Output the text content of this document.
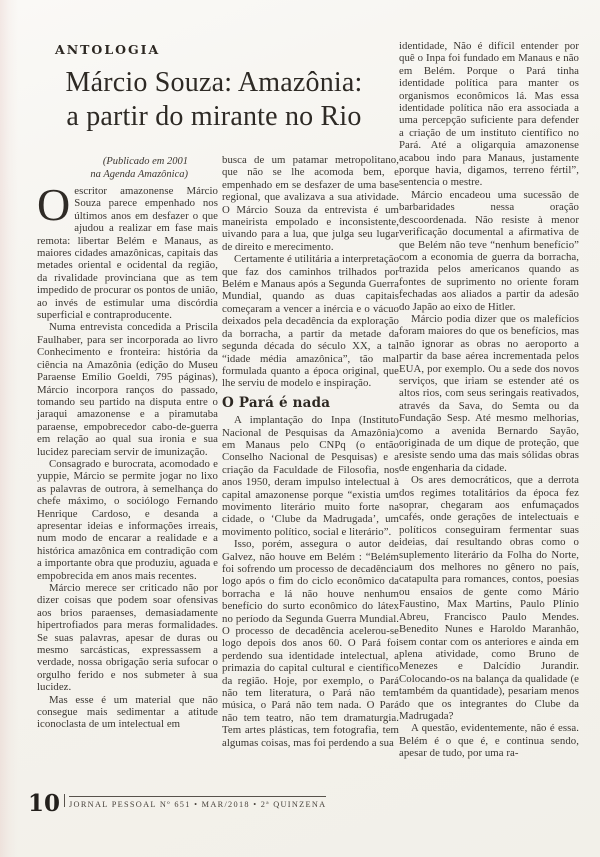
ANTOLOGIA
Márcio Souza: Amazônia:
a partir do mirante no Rio
(Publicado em 2001
na Agenda Amazônica)

Oescritor amazonense Márcio Souza parece empenhado nos últimos anos em desfazer o que ajudou a realizar em fase mais remota: libertar Belém e Manaus, as maiores cidades amazônicas, capitais das metades oriental e ocidental da região, da rivalidade provinciana que as tem impedido de procurar os pontos de união, ao invés de estimular uma discórdia superficial e contraproducente.

Numa entrevista concedida a Priscila Faulhaber, para ser incorporada ao livro Conhecimento e fronteira: história da ciência na Amazônia (edição do Museu Paraense Emílio Goeldi, 795 páginas), Márcio incorpora ranços do passado, tomando seu partido na disputa entre o jaraqui amazonense e a piramutaba paraense, empobrecedor cabo-de-guerra em relação ao qual sua ironia e sua lucidez pareciam servir de imunização.

Consagrado e burocrata, acomodado e yuppie, Márcio se permite jogar no lixo as palavras de outrora, à semelhança do chefe máximo, o sociólogo Fernando Henrique Cardoso, e desanda a apresentar ideias e informações irreais, num modo de encarar a realidade e a histórica amazônica em contradição com a importante obra que produziu, aguada e empobrecida em anos mais recentes.

Márcio merece ser criticado não por dizer coisas que podem soar ofensivas aos brios paraenses, demasiadamente hipertrofiados para meras formalidades. Se suas palavras, apesar de duras ou mesmo sarcásticas, expressassem a verdade, nossa obrigação seria sufocar o orgulho ferido e nos submeter à sua lucidez.

Mas esse é um material que não consegue mais sedimentar a atitude iconoclasta de um intelectual em

busca de um patamar metropolitano, que não se lhe acomoda bem, e empenhado em se desfazer de uma base regional, que avalizava a sua atividade. O Márcio Souza da entrevista é um maneirista empolado e inconsistente, uivando para a lua, que julga seu lugar de direito e merecimento.

Certamente é utilitária a interpretação que faz dos caminhos trilhados por Belém e Manaus após a Segunda Guerra Mundial, quando as duas capitais começaram a vencer a inércia e o vácuo deixados pela decadência da exploração da borracha, a partir da metade da segunda década do século XX, a tal “idade média amazônica”, tão mal formulada quanto a época original, que lhe serviu de modelo e inspiração.

O Pará é nada

A implantação do Inpa (Instituto Nacional de Pesquisas da Amazônia) em Manaus pelo CNPq (o então Conselho Nacional de Pesquisas) e a criação da Faculdade de Filosofia, nos anos 1950, deram impulso intelectual à capital amazonense porque “existia um movimento literário muito forte na cidade, o ‘Clube da Madrugada’, um movimento político, social e literário”.

Isso, porém, assegura o autor de Galvez, não houve em Belém : “Belém foi sofrendo um processo de decadência logo após o fim do ciclo econômico da borracha e lá não houve nenhum benefício do surto econômico do látex no período da Segunda Guerra Mundial. O processo de decadência acelerou-se logo depois dos anos 60. O Pará foi perdendo sua identidade intelectual, a primazia do capital cultural e científico da região. Hoje, por exemplo, o Pará não tem literatura, o Pará não tem música, o Pará não tem nada. O Pará não tem teatro, não tem dramaturgia. Tem artes plásticas, tem fotografia, tem algumas coisas, mas foi perdendo a sua

identidade, Não é difícil entender por quê o Inpa foi fundado em Manaus e não em Belém. Porque o Pará tinha identidade política para manter os organismos econômicos lá. Mas essa identidade política não era associada a uma percepção suficiente para defender a criação de um instituto científico no Pará. Até a oligarquia amazonense acabou indo para Manaus, justamente porque havia, digamos, terreno fértil”, sentencia o mestre.

Márcio encadeou uma sucessão de barbaridades nessa oração descoordenada. Não resiste à menor verificação documental a afirmativa de que Belém não teve “nenhum benefício” com a economia de guerra da borracha, trazida pelos americanos quando as fontes de suprimento no oriente foram fechadas aos aliados a partir da adesão do Japão ao eixo de Hitler.

Márcio podia dizer que os malefícios foram maiores do que os benefícios, mas não ignorar as obras no aeroporto a partir da base aérea incrementada pelos EUA, por exemplo. Ou a sede dos novos serviços, que iriam se estender até os altos rios, com seus seringais reativados, através da Sava, do Semta ou da Fundação Sesp. Até mesmo melhorias, como a avenida Bernardo Sayão, originada de um dique de proteção, que resiste sendo uma das mais sólidas obras de engenharia da cidade.

Os ares democráticos, que a derrota dos regimes totalitários da época fez soprar, chegaram aos enfumaçados cafés, onde gerações de intelectuais e políticos conseguiram fermentar suas ideias, daí resultando obras como o suplemento literário da Folha do Norte, um dos melhores no gênero no país, catapulta para romances, contos, poesias ou ensaios de gente como Mário Faustino, Max Martins, Paulo Plínio Abreu, Francisco Paulo Mendes. Benedito Nunes e Haroldo Maranhão, sem contar com os anteriores e ainda em plena atividade, como Bruno de Menezes e Dalcídio Jurandir. Colocando-os na balança da qualidade (e também da quantidade), pesariam menos do que os integrantes do Clube da Madrugada?

A questão, evidentemente, não é essa. Belém é o que é, e continua sendo, apesar de tudo, por uma ra-

10 JORNAL PESSOAL Nº 651 • MAR/2018 • 2ª QUINZENA
